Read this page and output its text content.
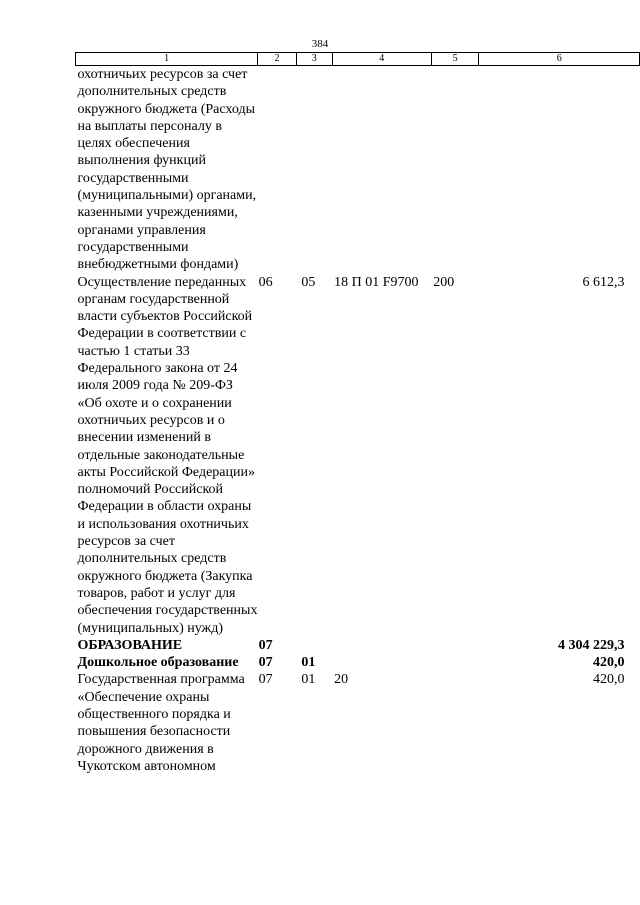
384
1	2	3	4	5	6
охотничьих ресурсов за счет дополнительных средств окружного бюджета (Расходы на выплаты персоналу в целях обеспечения выполнения функций государственными (муниципальными) органами, казенными учреждениями, органами управления государственными внебюджетными фондами)					
Осуществление переданных органам государственной власти субъектов Российской Федерации в соответствии с частью 1 статьи 33 Федерального закона от 24 июля 2009 года № 209-ФЗ «Об охоте и о сохранении охотничьих ресурсов и о внесении изменений в отдельные законодательные акты Российской Федерации» полномочий Российской Федерации в области охраны и использования охотничьих ресурсов за счет дополнительных средств окружного бюджета (Закупка товаров, работ и услуг для обеспечения государственных (муниципальных) нужд)	06	05	18 П 01 F9700	200	6 612,3
ОБРАЗОВАНИЕ	07				4 304 229,3
Дошкольное образование	07	01			420,0
Государственная программа «Обеспечение охраны общественного порядка и повышения безопасности дорожного движения в Чукотском автономном	07	01	20		420,0
